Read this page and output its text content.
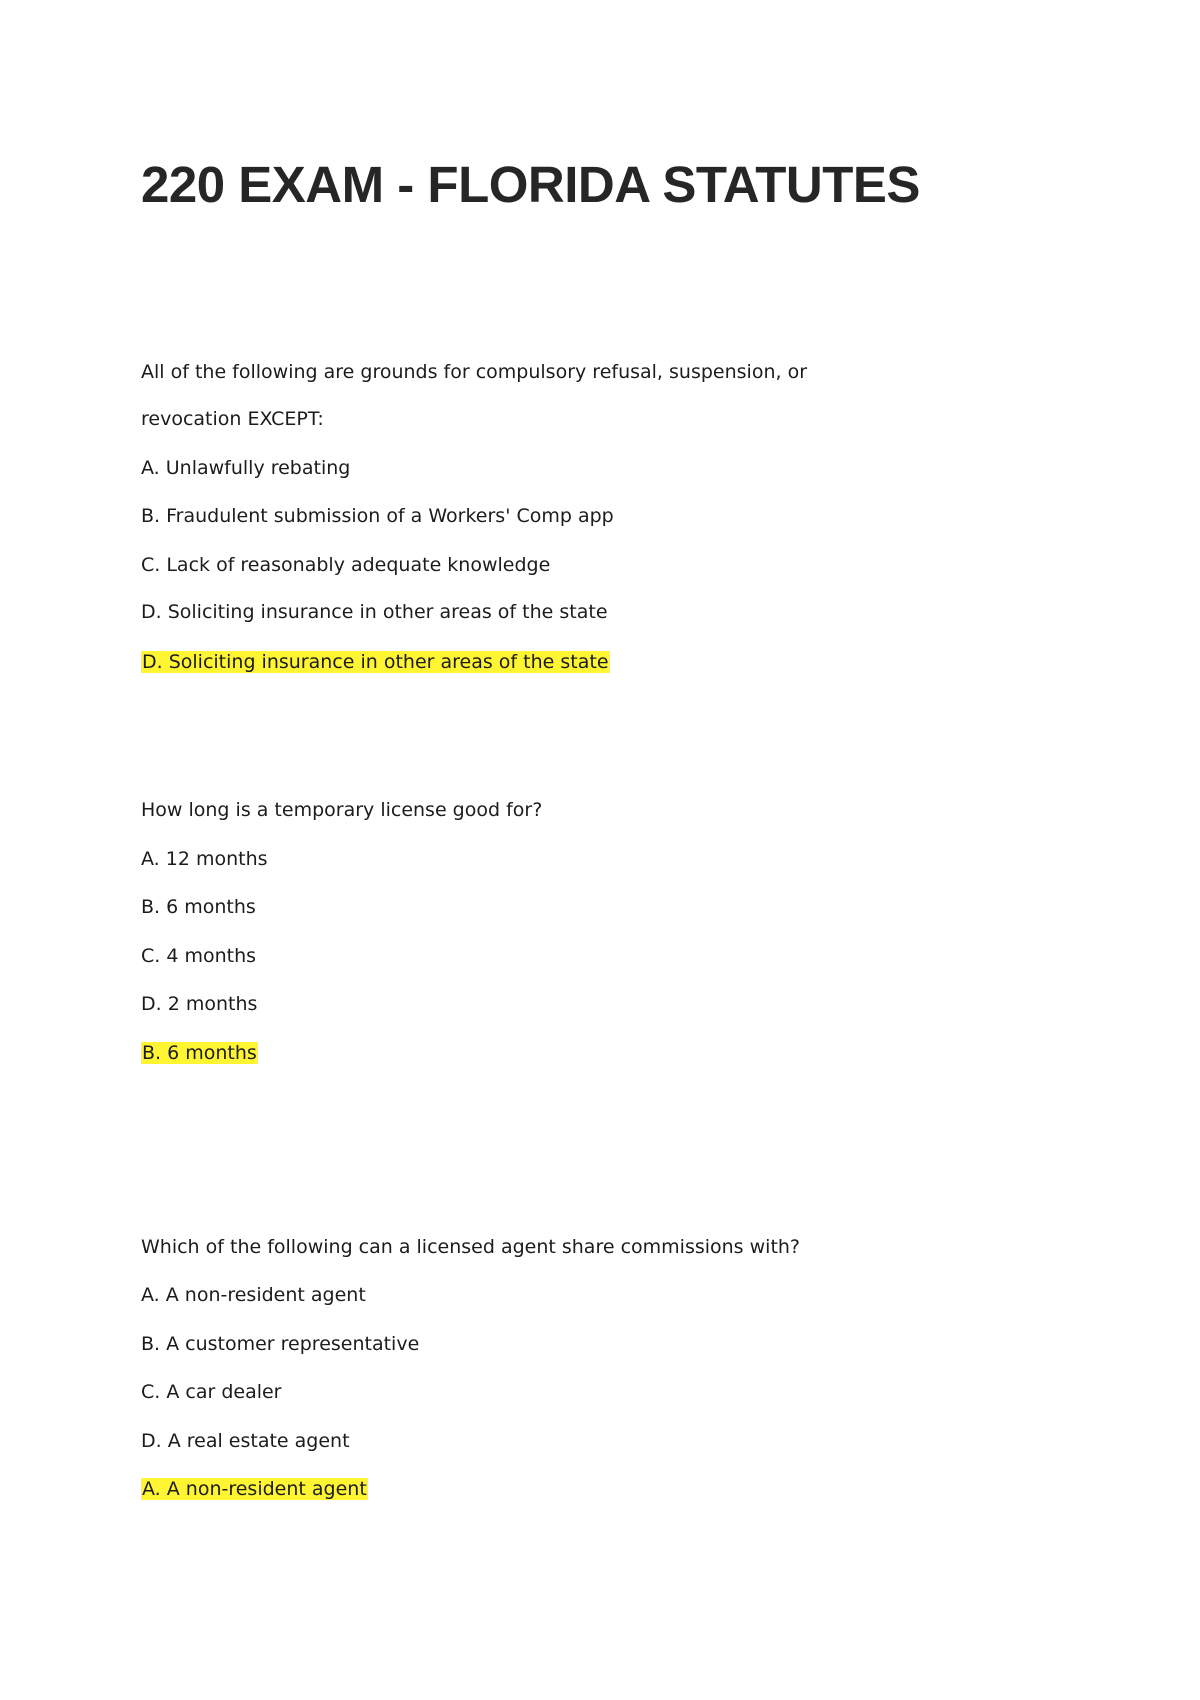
220 EXAM - FLORIDA STATUTES
All of the following are grounds for compulsory refusal, suspension, or
revocation EXCEPT:
A. Unlawfully rebating
B. Fraudulent submission of a Workers' Comp app
C. Lack of reasonably adequate knowledge
D. Soliciting insurance in other areas of the state
D. Soliciting insurance in other areas of the state
How long is a temporary license good for?
A. 12 months
B. 6 months
C. 4 months
D. 2 months
B. 6 months
Which of the following can a licensed agent share commissions with?
A. A non-resident agent
B. A customer representative
C. A car dealer
D. A real estate agent
A. A non-resident agent
